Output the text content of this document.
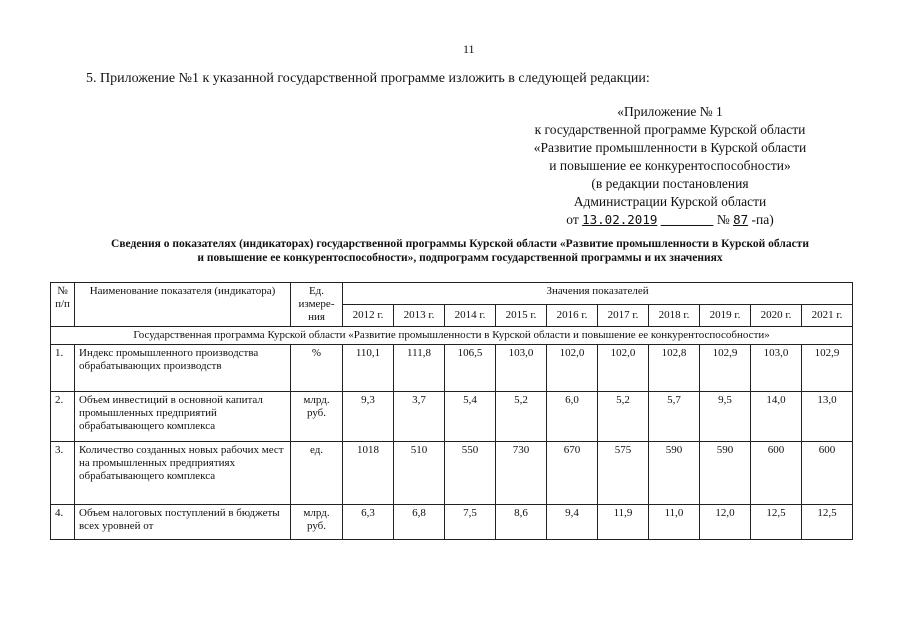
11
5. Приложение №1 к указанной государственной программе изложить в следующей редакции:
«Приложение № 1
к государственной программе Курской области
«Развитие промышленности в Курской области
и повышение ее конкурентоспособности»
(в редакции постановления
Администрации Курской области
от 13.02.2019	№ 87 -па)
Сведения о показателях (индикаторах) государственной программы Курской области «Развитие промышленности в Курской области
и повышение ее конкурентоспособности», подпрограмм государственной программы и их значениях
№ п/п	Наименование показателя (индикатора)	Ед. измере-ния	Значения показателей									
			2012 г.	2013 г.	2014 г.	2015 г.	2016 г.	2017 г.	2018 г.	2019 г.	2020 г.	2021 г.
Государственная программа Курской области «Развитие промышленности в Курской области и повышение ее конкурентоспособности»												
1.	Индекс промышленного производства обрабатывающих производств	%	110,1	111,8	106,5	103,0	102,0	102,0	102,8	102,9	103,0	102,9
2.	Объем инвестиций в основной капитал промышленных предприятий обрабатывающего комплекса	млрд. руб.	9,3	3,7	5,4	5,2	6,0	5,2	5,7	9,5	14,0	13,0
3.	Количество созданных новых рабочих мест на промышленных предприятиях обрабатывающего комплекса	ед.	1018	510	550	730	670	575	590	590	600	600
4.	Объем налоговых поступлений в бюджеты всех уровней от	млрд. руб.	6,3	6,8	7,5	8,6	9,4	11,9	11,0	12,0	12,5	12,5
